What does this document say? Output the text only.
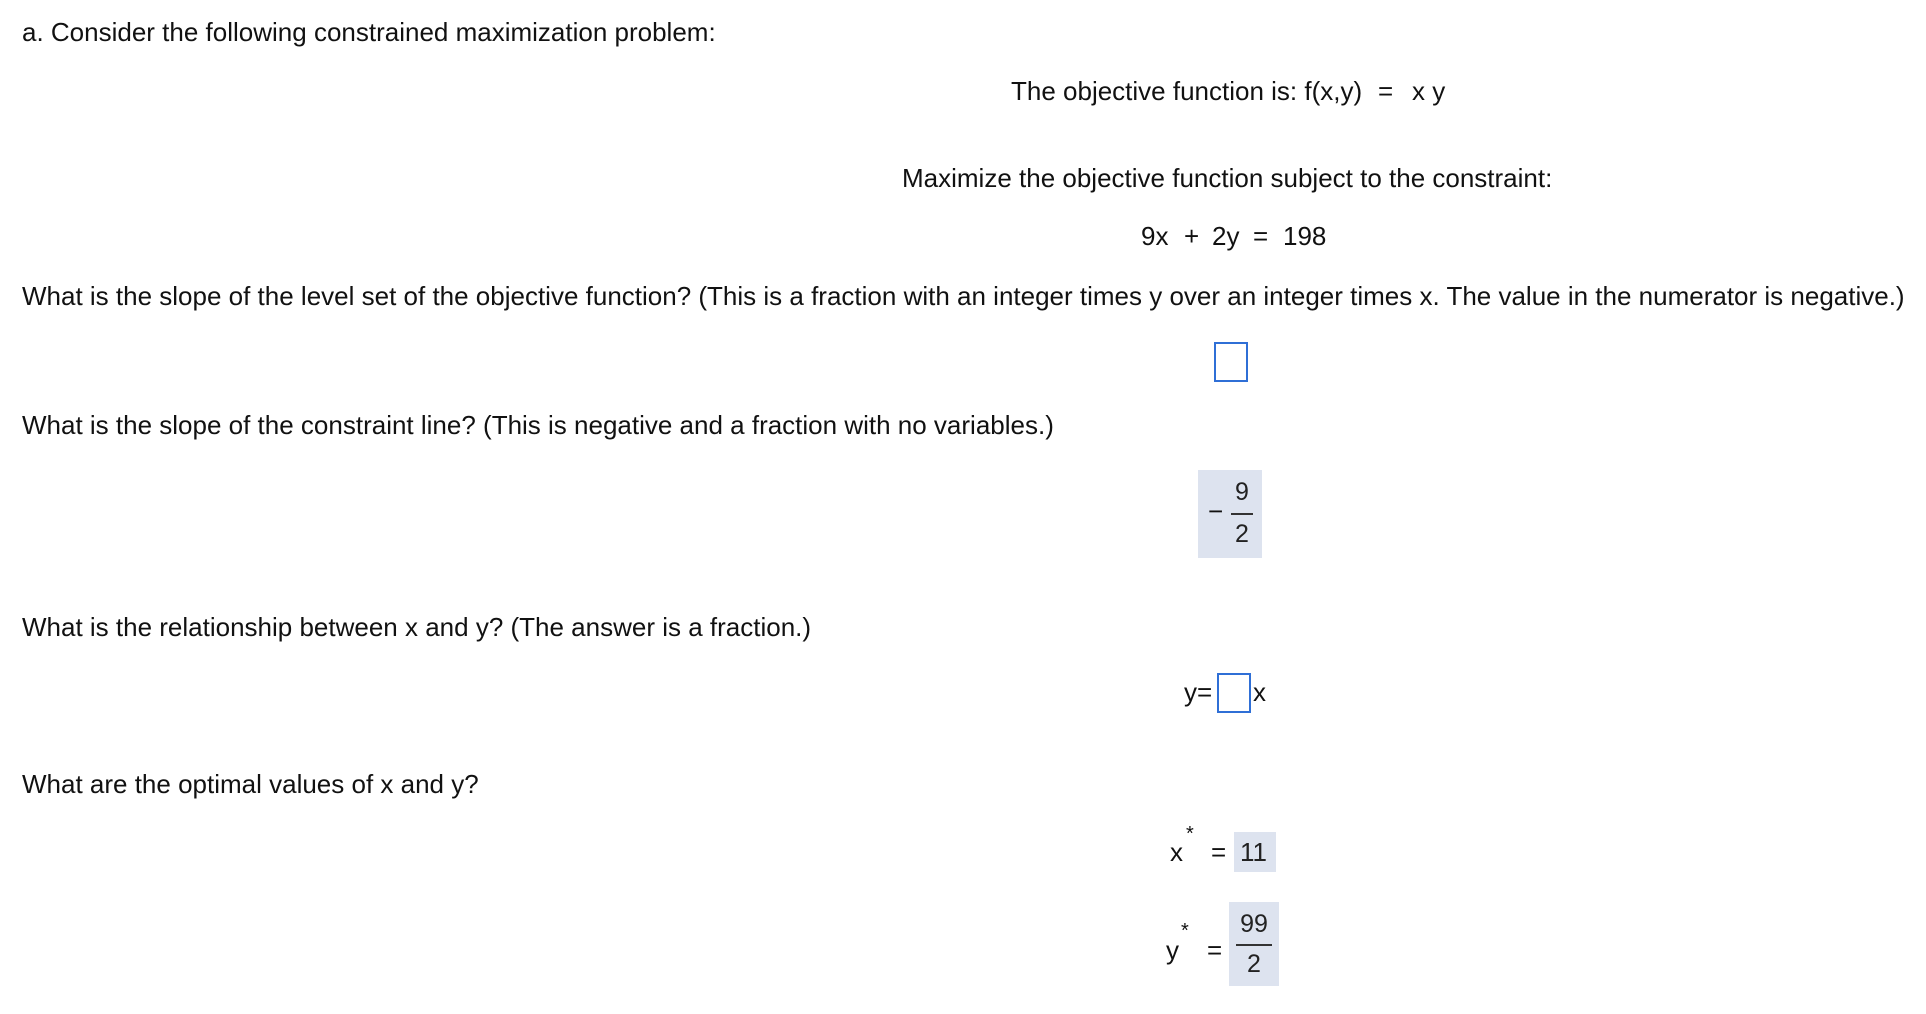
a. Consider the following constrained maximization problem:
The objective function is: f(x,y) = x y
Maximize the objective function subject to the constraint:
9x + 2y = 198
What is the slope of the level set of the objective function? (This is a fraction with an integer times y over an integer times x. The value in the numerator is negative.)
What is the slope of the constraint line? (This is negative and a fraction with no variables.)
−
9
2
What is the relationship between x and y? (The answer is a fraction.)
y= x
What are the optimal values of x and y?
x
*
= 11
y
*
=
99
2
